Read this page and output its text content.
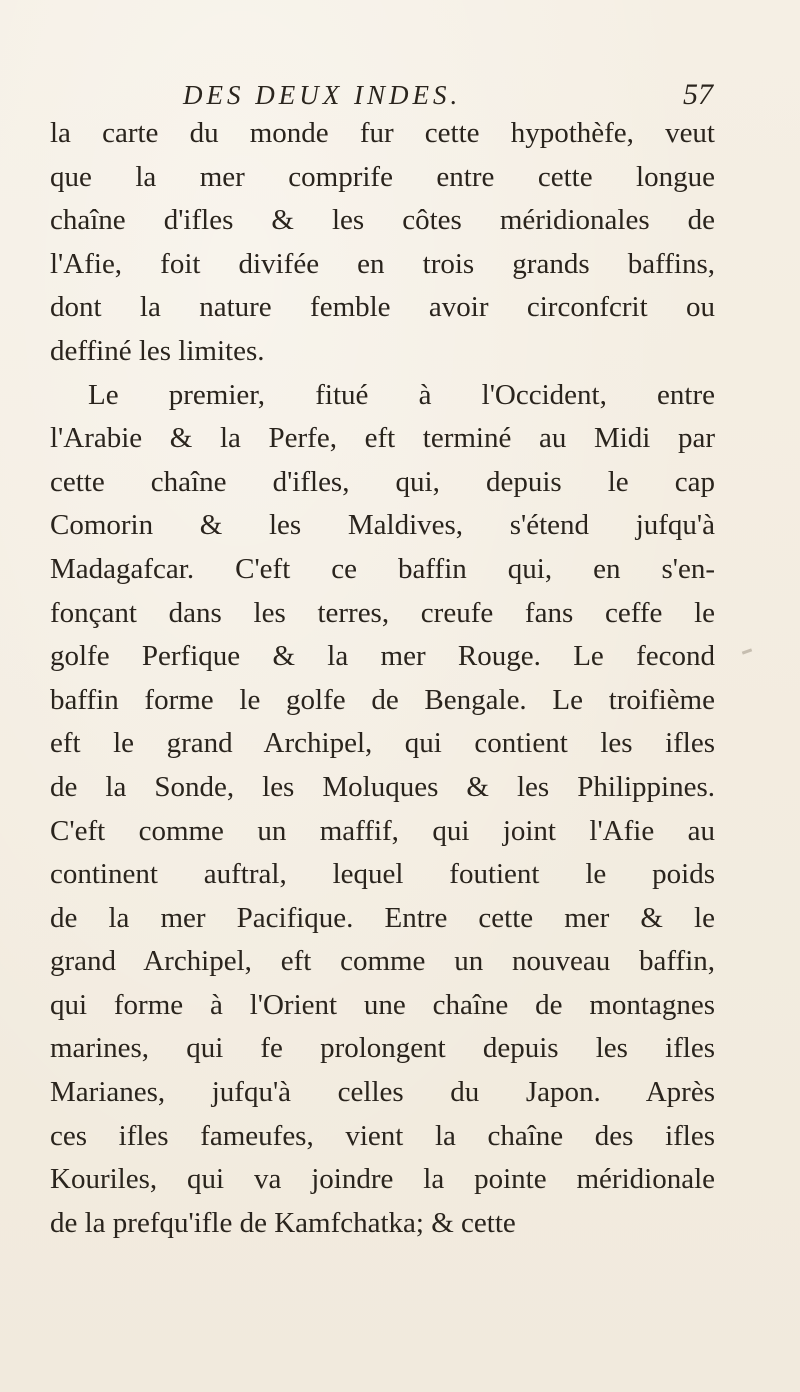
DES DEUX INDES.	57
la carte du monde fur cette hypothèfe, veut
que la mer comprife entre cette longue
chaîne d'ifles & les côtes méridionales de
l'Afie, foit divifée en trois grands baffins,
dont la nature femble avoir circonfcrit ou
deffiné les limites.
Le premier, fitué à l'Occident, entre
l'Arabie & la Perfe, eft terminé au Midi par
cette chaîne d'ifles, qui, depuis le cap
Comorin & les Maldives, s'étend jufqu'à
Madagafcar. C'eft ce baffin qui, en s'en-
fonçant dans les terres, creufe fans ceffe le
golfe Perfique & la mer Rouge. Le fecond
baffin forme le golfe de Bengale. Le troifième
eft le grand Archipel, qui contient les ifles
de la Sonde, les Moluques & les Philippines.
C'eft comme un maffif, qui joint l'Afie au
continent auftral, lequel foutient le poids
de la mer Pacifique. Entre cette mer & le
grand Archipel, eft comme un nouveau baffin,
qui forme à l'Orient une chaîne de montagnes
marines, qui fe prolongent depuis les ifles
Marianes, jufqu'à celles du Japon. Après
ces ifles fameufes, vient la chaîne des ifles
Kouriles, qui va joindre la pointe méridionale
de la prefqu'ifle de Kamfchatka; & cette
